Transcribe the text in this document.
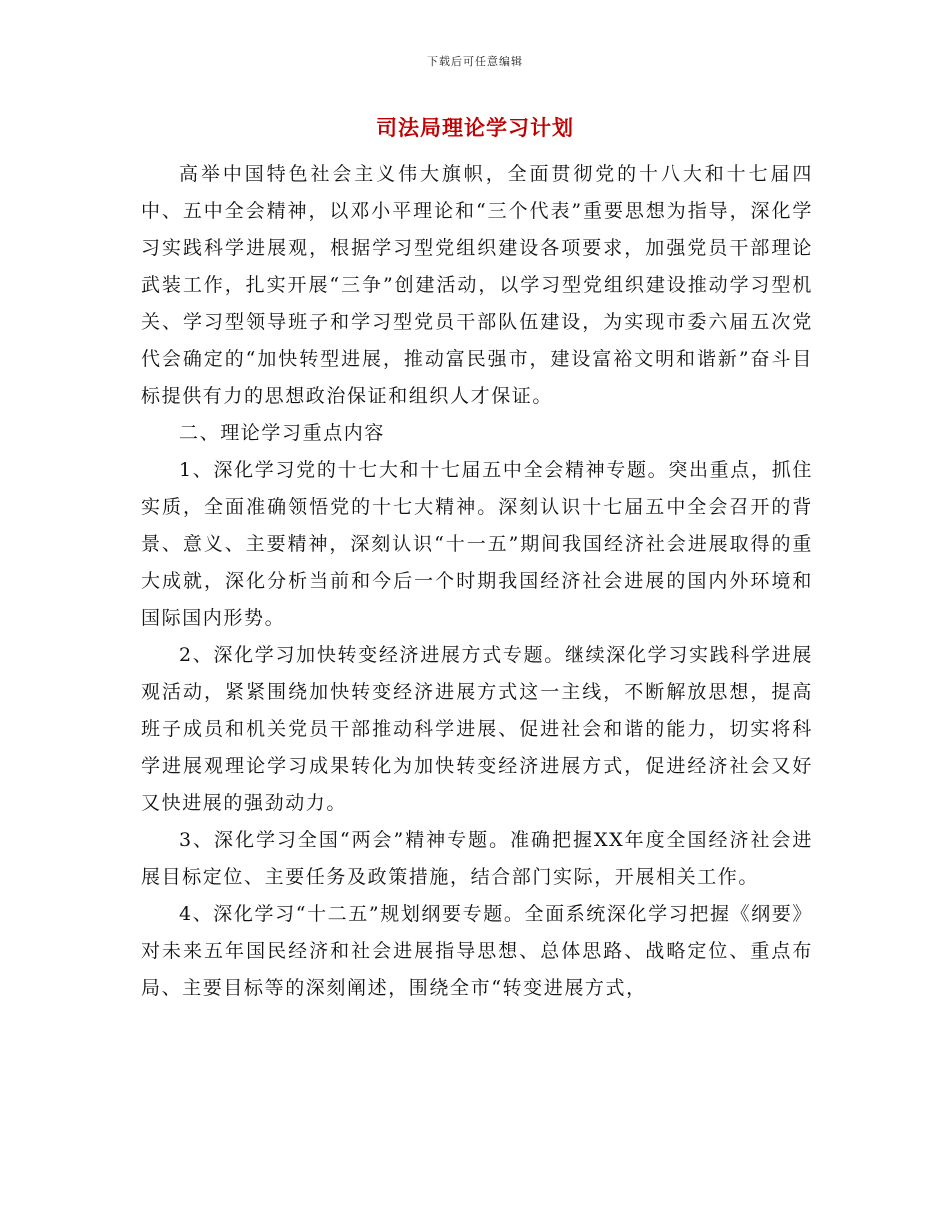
下载后可任意编辑
司法局理论学习计划

高举中国特色社会主义伟大旗帜，全面贯彻党的十八大和十七届四中、五中全会精神，以邓小平理论和“三个代表”重要思想为指导，深化学习实践科学进展观，根据学习型党组织建设各项要求，加强党员干部理论武装工作，扎实开展“三争”创建活动，以学习型党组织建设推动学习型机关、学习型领导班子和学习型党员干部队伍建设，为实现市委六届五次党代会确定的“加快转型进展，推动富民强市，建设富裕文明和谐新”奋斗目标提供有力的思想政治保证和组织人才保证。

二、理论学习重点内容

1、深化学习党的十七大和十七届五中全会精神专题。突出重点，抓住实质，全面准确领悟党的十七大精神。深刻认识十七届五中全会召开的背景、意义、主要精神，深刻认识“十一五”期间我国经济社会进展取得的重大成就，深化分析当前和今后一个时期我国经济社会进展的国内外环境和国际国内形势。

2、深化学习加快转变经济进展方式专题。继续深化学习实践科学进展观活动，紧紧围绕加快转变经济进展方式这一主线，不断解放思想，提高班子成员和机关党员干部推动科学进展、促进社会和谐的能力，切实将科学进展观理论学习成果转化为加快转变经济进展方式，促进经济社会又好又快进展的强劲动力。

3、深化学习全国“两会”精神专题。准确把握XX年度全国经济社会进展目标定位、主要任务及政策措施，结合部门实际，开展相关工作。

4、深化学习“十二五”规划纲要专题。全面系统深化学习把握《纲要》对未来五年国民经济和社会进展指导思想、总体思路、战略定位、重点布局、主要目标等的深刻阐述，围绕全市“转变进展方式，
